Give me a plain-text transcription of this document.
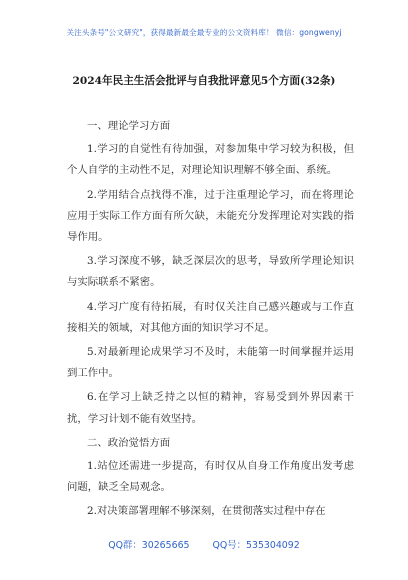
关注头条号"公文研究"，获得最新最全最专业的公文资料库！ 微信：gongwenyj
2024年民主生活会批评与自我批评意见5个方面(32条)
一、理论学习方面

1.学习的自觉性有待加强，对参加集中学习较为积极，但个人自学的主动性不足，对理论知识理解不够全面、系统。

2.学用结合点找得不准，过于注重理论学习，而在将理论应用于实际工作方面有所欠缺，未能充分发挥理论对实践的指导作用。

3.学习深度不够，缺乏深层次的思考，导致所学理论知识与实际联系不紧密。

4.学习广度有待拓展，有时仅关注自己感兴趣或与工作直接相关的领域，对其他方面的知识学习不足。

5.对最新理论成果学习不及时，未能第一时间掌握并运用到工作中。

6.在学习上缺乏持之以恒的精神，容易受到外界因素干扰，学习计划不能有效坚持。

二、政治觉悟方面

1.站位还需进一步提高，有时仅从自身工作角度出发考虑问题，缺乏全局观念。

2.对决策部署理解不够深刻，在贯彻落实过程中存在

QQ群：30265665 QQ号：535304092
